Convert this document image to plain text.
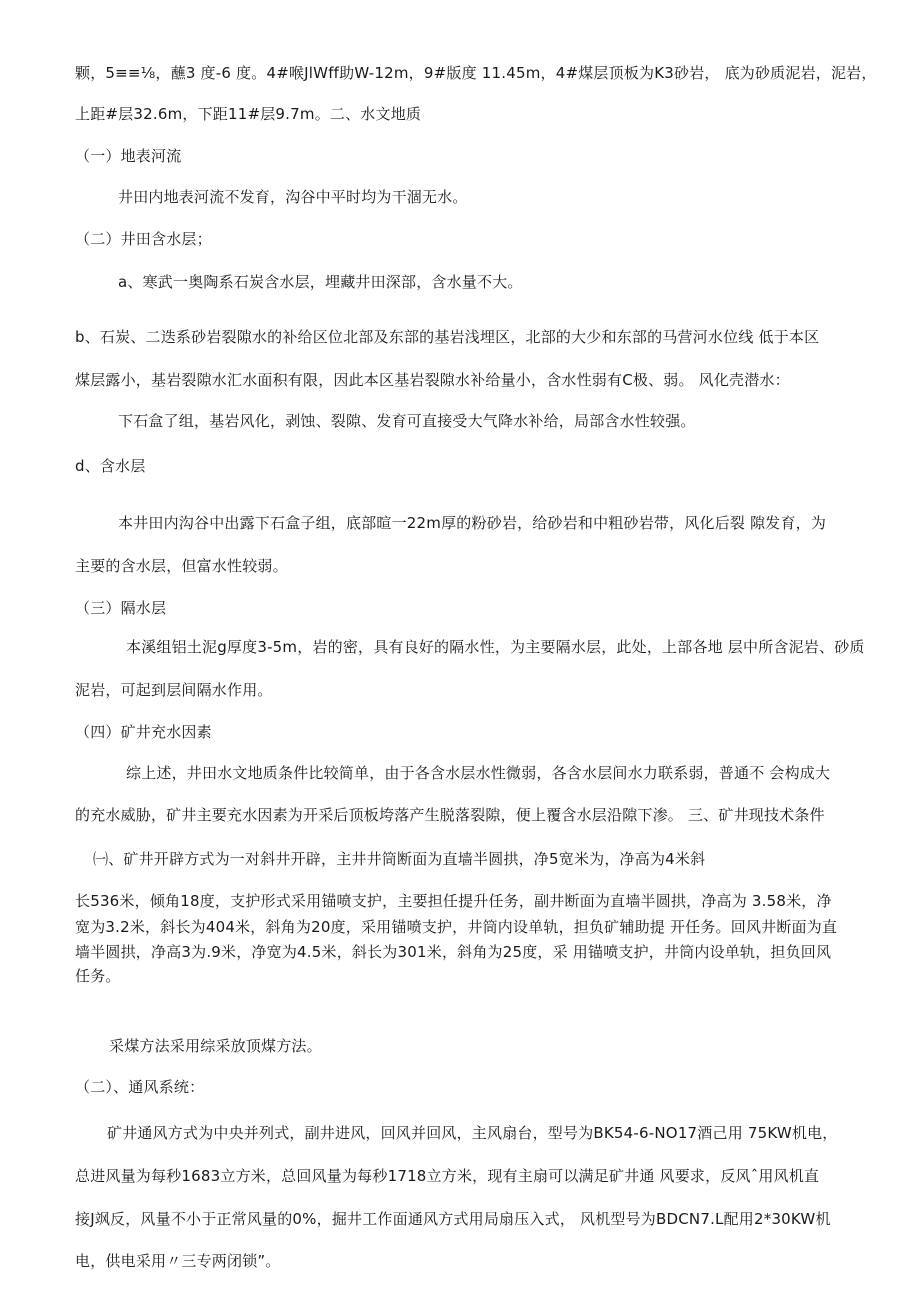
颗，5≡≡⅛，蘸3 度-6 度。4#喉JlWff助W-12m，9#版度 11.45m，4#煤层顶板为K3砂岩， 底为砂质泥岩，泥岩，
上距#层32.6m，下距11#层9.7m。二、水文地质
（一）地表河流
井田内地表河流不发育，沟谷中平时均为干涸无水。
（二）井田含水层；
a、寒武一奥陶系石炭含水层，埋藏井田深部，含水量不大。
b、石炭、二迭系砂岩裂隙水的补给区位北部及东部的基岩浅埋区，北部的大少和东部的马营河水位线 低于本区
煤层露小，基岩裂隙水汇水面积有限，因此本区基岩裂隙水补给量小，含水性弱有C极、弱。 风化壳潜水：
下石盒了组，基岩风化，剥蚀、裂隙、发育可直接受大气降水补给，局部含水性较强。
d、含水层
本井田内沟谷中出露下石盒子组，底部暄一22m厚的粉砂岩，给砂岩和中粗砂岩带，风化后裂 隙发育，为
主要的含水层，但富水性较弱。
（三）隔水层
本溪组铝土泥g厚度3-5m，岩的密，具有良好的隔水性，为主要隔水层，此处，上部各地 层中所含泥岩、砂质
泥岩，可起到层间隔水作用。
（四）矿井充水因素
综上述，井田水文地质条件比较简单，由于各含水层水性微弱，各含水层间水力联系弱，普通不 会构成大
的充水威胁，矿井主要充水因素为开采后顶板垮落产生脱落裂隙，便上覆含水层沿隙下渗。 三、矿井现技术条件
㈠、矿井开辟方式为一对斜井开辟，主井井筒断面为直墙半圆拱，净5宽米为，净高为4米斜
长536米，倾角18度，支护形式采用锚喷支护，主要担任提升任务，副井断面为直墙半圆拱，净高为 3.58米，净
宽为3.2米，斜长为404米，斜角为20度，采用锚喷支护，井筒内设单轨，担负矿辅助提 开任务。回风井断面为直
墙半圆拱，净高3为.9米，净宽为4.5米，斜长为301米，斜角为25度，采 用锚喷支护，井筒内设单轨，担负回风
任务。
采煤方法采用综采放顶煤方法。
（二）、通风系统：
矿井通风方式为中央并列式，副井进风，回风并回风，主风扇台，型号为BK54-6-NO17酒己用 75KW机电，
总进风量为每秒1683立方米，总回风量为每秒1718立方米，现有主扇可以满足矿井通 风要求，反风ˆ用风机直
接J飒反，风量不小于正常风量的0%，掘井工作面通风方式用局扇压入式， 风机型号为BDCN7.L配用2*30KW机
电，供电采用〃三专两闭锁”。
